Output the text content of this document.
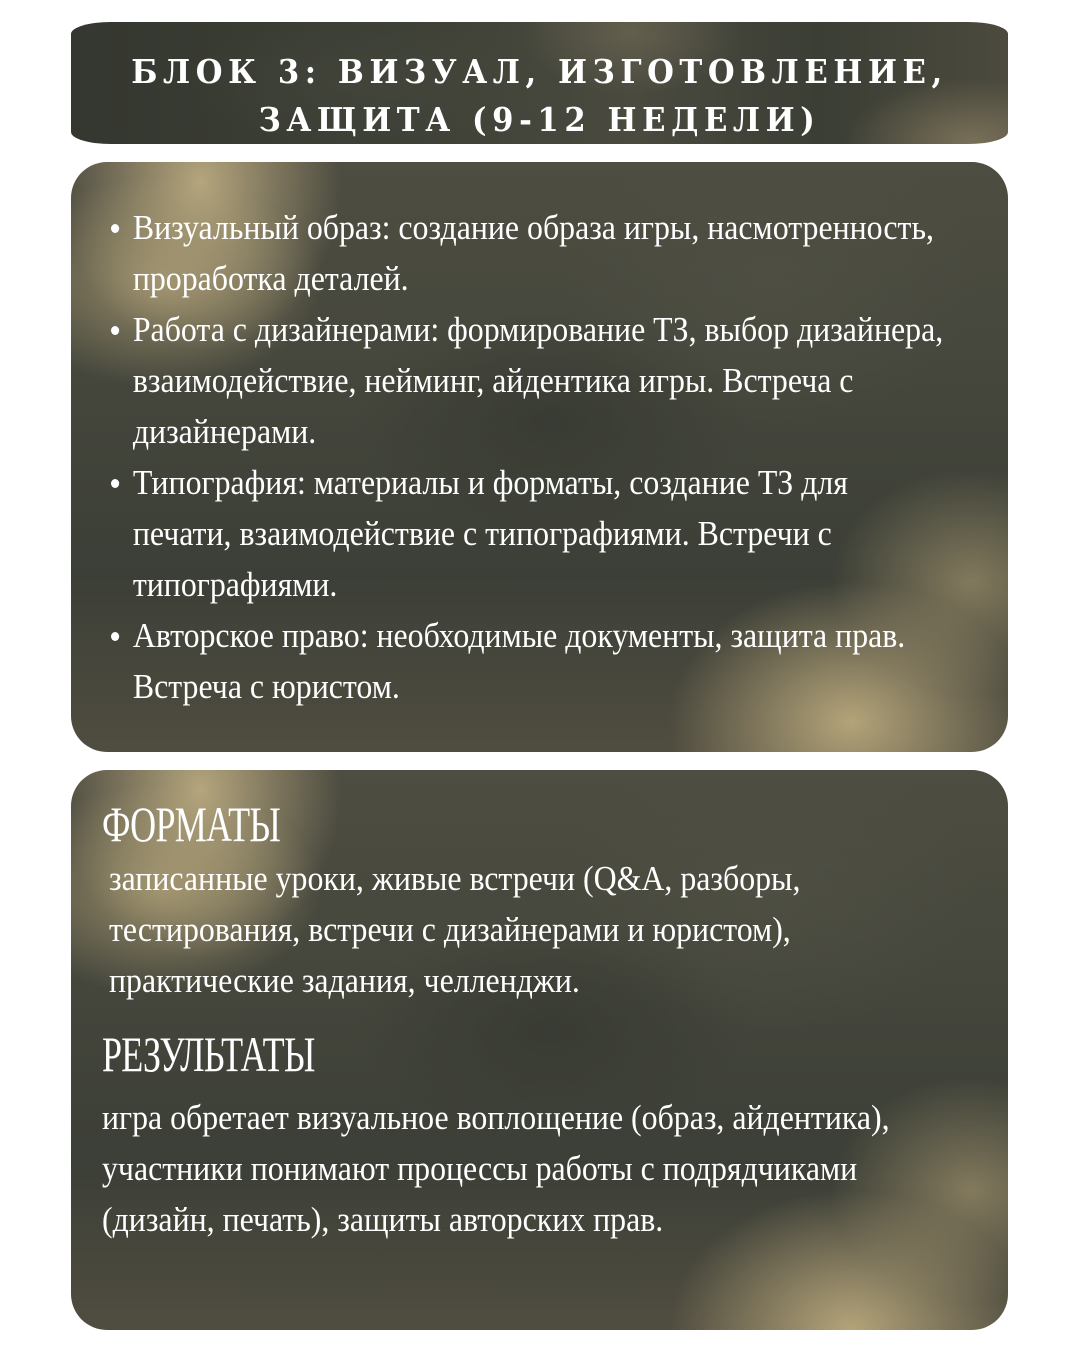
БЛОК 3: ВИЗУАЛ, ИЗГОТОВЛЕНИЕ,
ЗАЩИТА (9-12 НЕДЕЛИ)
Визуальный образ: создание образа игры, насмотренность, проработка деталей.
Работа с дизайнерами: формирование ТЗ, выбор дизайнера, взаимодействие, нейминг, айдентика игры. Встреча с дизайнерами.
Типография: материалы и форматы, создание ТЗ для печати, взаимодействие с типографиями. Встречи с типографиями.
Авторское право: необходимые документы, защита прав. Встреча с юристом.
ФОРМАТЫ
записанные уроки, живые встречи (Q&A, разборы, тестирования, встречи с дизайнерами и юристом), практические задания, челленджи.
РЕЗУЛЬТАТЫ
игра обретает визуальное воплощение (образ, айдентика), участники понимают процессы работы с подрядчиками (дизайн, печать), защиты авторских прав.
